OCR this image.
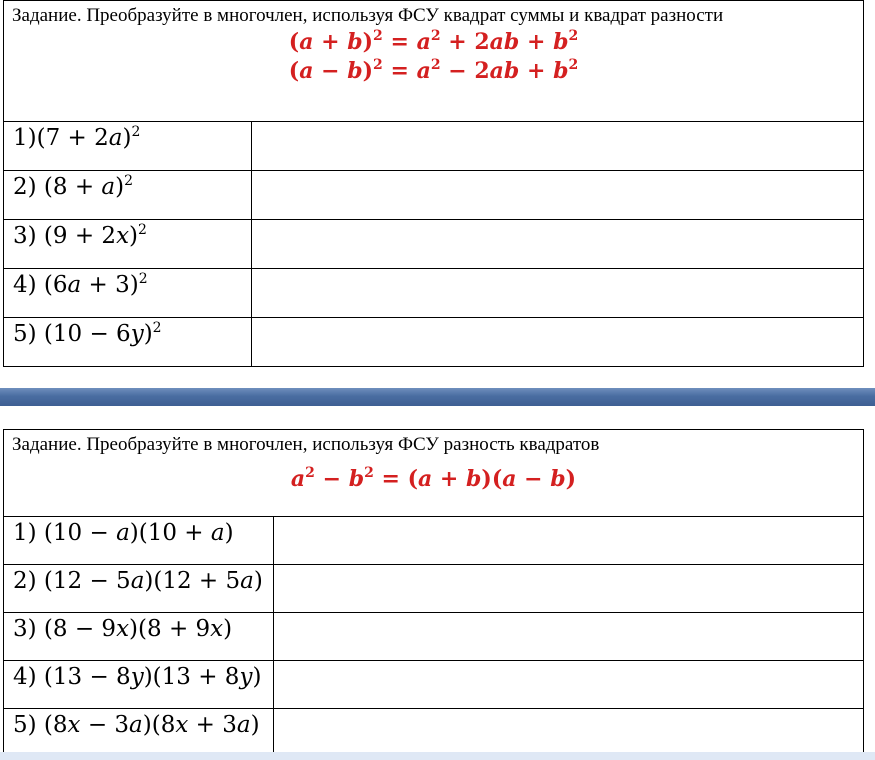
Задание. Преобразуйте в многочлен, используя ФСУ квадрат суммы и квадрат разности

$(a + b)^2 = a^2 + 2ab + b^2$
$(a - b)^2 = a^2 - 2ab + b^2$

$1)(7 + 2a)^2$	
2) $(8 + a)^2$	
3) $(9 + 2x)^2$	
4) $(6a + 3)^2$	
5) $(10 - 6y)^2$	

Задание. Преобразуйте в многочлен, используя ФСУ разность квадратов

$a^2 - b^2 = (a + b)(a - b)$	

1) (10 − a)(10 + a)	
2) (12 − 5a)(12 + 5a)	
3) (8 − 9x)(8 + 9x)	
4) (13 − 8y)(13 + 8y)	
5) (8x − 3a)(8x + 3a)	
